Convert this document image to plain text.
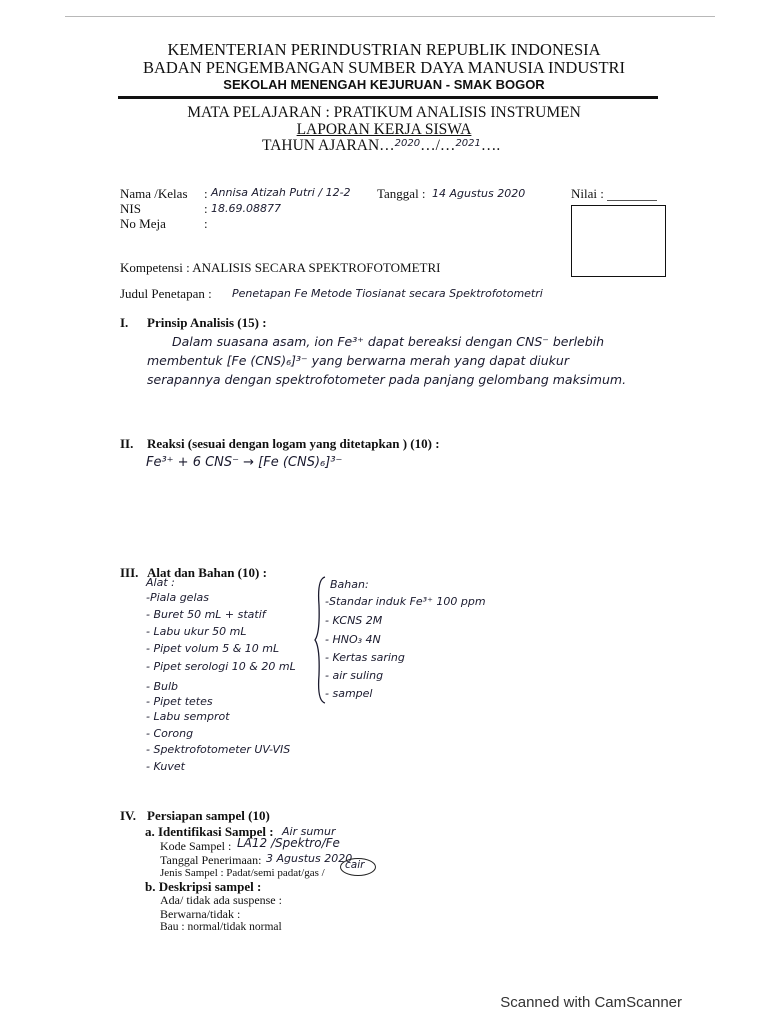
KEMENTERIAN PERINDUSTRIAN REPUBLIK INDONESIA
BADAN PENGEMBANGAN SUMBER DAYA MANUSIA INDUSTRI
SEKOLAH MENENGAH KEJURUAN - SMAK BOGOR
MATA PELAJARAN : PRATIKUM ANALISIS INSTRUMEN
LAPORAN KERJA SISWA
TAHUN AJARAN…$^{2020}$…/…$^{2021}$….
Nama /Kelas : Annisa Atizah Putri / 12-2
NIS	: 18.69.08877
No Meja	:
Tanggal : 14 Agustus 2020	Nilai :
Kompetensi : ANALISIS SECARA SPEKTROFOTOMETRI
Judul Penetapan : Penetapan Fe Metode Tiosianat secara Spektrofotometri
I. Prinsip Analisis (15) :
Dalam suasana asam, ion Fe³⁺ dapat bereaksi dengan CNS⁻ berlebih
membentuk [Fe (CNS)₆]³⁻ yang berwarna merah yang dapat diukur
serapannya dengan spektrofotometer pada panjang gelombang maksimum.
II. Reaksi (sesuai dengan logam yang ditetapkan ) (10) :
Fe³⁺ + 6 CNS⁻ → [Fe (CNS)₆]³⁻
III. Alat dan Bahan (10) :
Alat :
-Piala gelas
- Buret 50 mL + statif
- Labu ukur 50 mL
- Pipet volum 5 & 10 mL
- Pipet serologi 10 & 20 mL
- Bulb
- Pipet tetes
- Labu semprot
- Corong
- Spektrofotometer UV-VIS
- Kuvet
Bahan:
-Standar induk Fe³⁺ 100 ppm
- KCNS 2M
- HNO₃ 4N
- Kertas saring
- air suling
- sampel
IV. Persiapan sampel (10)
a. Identifikasi Sampel : Air sumur
Kode Sampel : LA12 /Spektro/Fe
Tanggal Penerimaan: 3 Agustus 2020
Jenis Sampel : Padat/semi padat/gas /
cair
b. Deskripsi sampel :
Ada/ tidak ada suspense :
Berwarna/tidak :
Bau : normal/tidak normal
Scanned with CamScanner
